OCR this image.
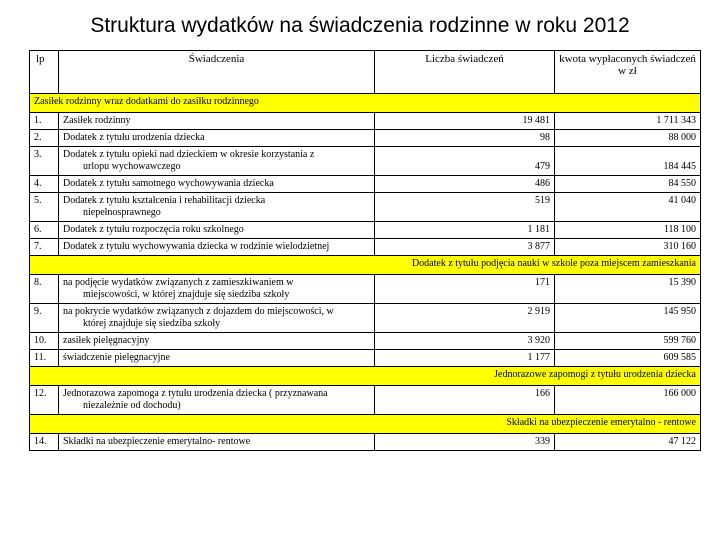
Struktura wydatków na świadczenia rodzinne w roku 2012
lp	Świadczenia	Liczba świadczeń	kwota wypłaconych świadczeń w zł
Zasiłek rodzinny wraz dodatkami do zasiłku rodzinnego			
1.	Zasiłek rodzinny	19 481	1 711 343
2.	Dodatek z tytułu urodzenia dziecka	98	88 000
3.	Dodatek z tytułu opieki nad dzieckiem w okresie korzystania z
urlopu wychowawczego	479	184 445
4.	Dodatek z tytułu samotnego wychowywania dziecka	486	84 550
5.	Dodatek z tytułu kształcenia i rehabilitacji dziecka
niepełnosprawnego	519	41 040
6.	Dodatek z tytułu rozpoczęcia roku szkolnego	1 181	118 100
7.	Dodatek z tytułu wychowywania dziecka w rodzinie wielodzietnej	3 877	310 160
Dodatek z tytułu podjęcia nauki w szkole poza miejscem zamieszkania			
8.	na podjęcie wydatków związanych z zamieszkiwaniem w
miejscowości, w której znajduje się siedziba szkoły	171	15 390
9.	na pokrycie wydatków związanych z dojazdem do miejscowości, w
której znajduje się siedziba szkoły	2 919	145 950
10.	zasiłek pielęgnacyjny	3 920	599 760
11.	świadczenie pielęgnacyjne	1 177	609 585
Jednorazowe zapomogi z tytułu urodzenia dziecka			
12.	Jednorazowa zapomoga z tytułu urodzenia dziecka ( przyznawana
niezależnie od dochodu)	166	166 000
Składki na ubezpieczenie emerytalno - rentowe			
14.	Składki na ubezpieczenie emerytalno- rentowe	339	47 122
